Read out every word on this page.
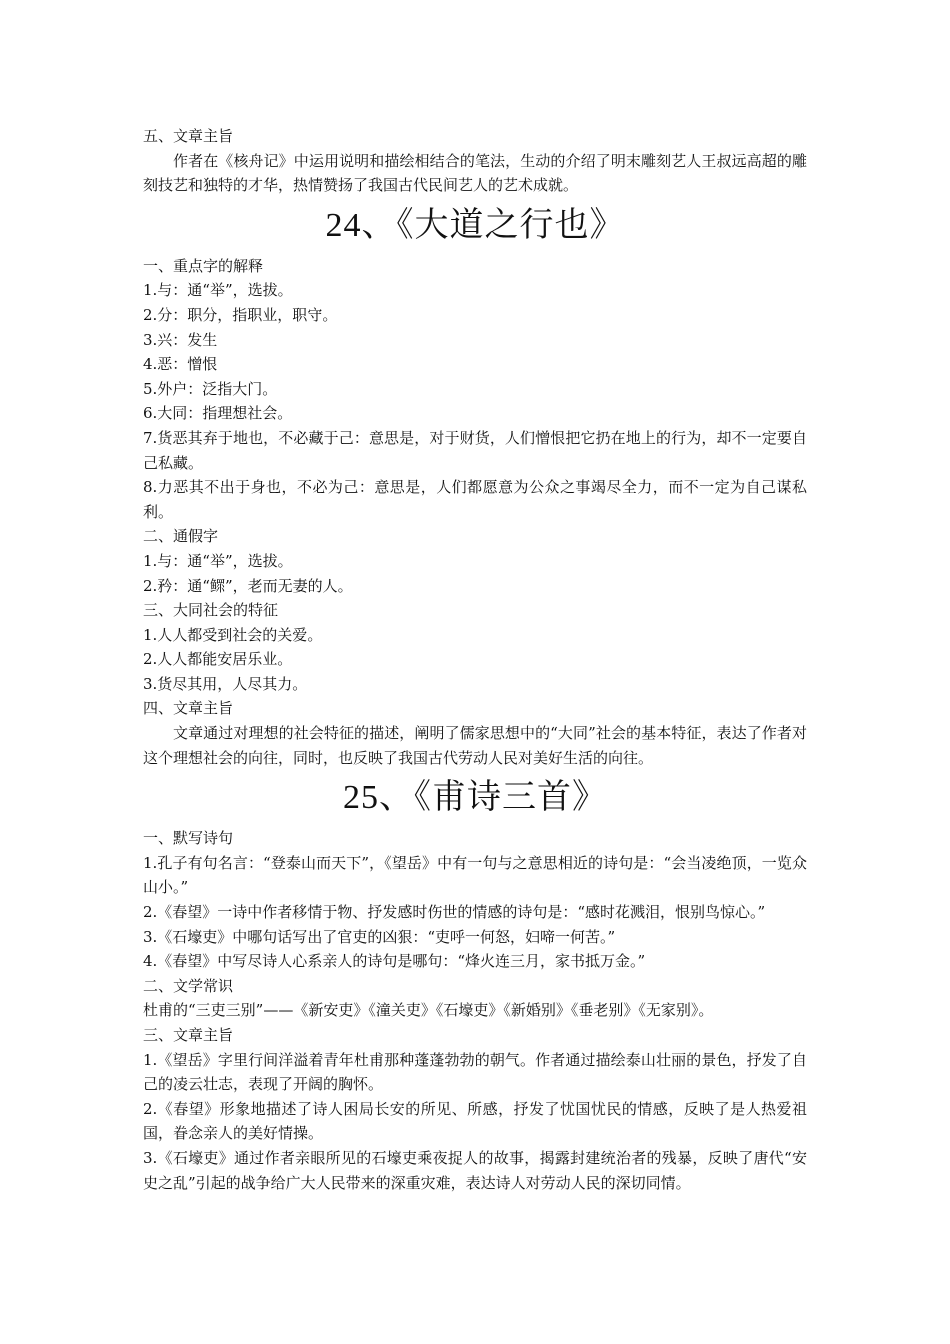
五、文章主旨
作者在《核舟记》中运用说明和描绘相结合的笔法，生动的介绍了明末雕刻艺人王叔远高超的雕刻技艺和独特的才华，热情赞扬了我国古代民间艺人的艺术成就。
24、《大道之行也》
一、重点字的解释
1.与：通“举”，选拔。
2.分：职分，指职业，职守。
3.兴：发生
4.恶：憎恨
5.外户：泛指大门。
6.大同：指理想社会。
7.货恶其弃于地也，不必藏于己：意思是，对于财货，人们憎恨把它扔在地上的行为，却不一定要自己私藏。
8.力恶其不出于身也，不必为己：意思是，人们都愿意为公众之事竭尽全力，而不一定为自己谋私利。
二、通假字
1.与：通“举”，选拔。
2.矜：通“鳏”，老而无妻的人。
三、大同社会的特征
1.人人都受到社会的关爱。
2.人人都能安居乐业。
3.货尽其用，人尽其力。
四、文章主旨
文章通过对理想的社会特征的描述，阐明了儒家思想中的“大同”社会的基本特征，表达了作者对这个理想社会的向往，同时，也反映了我国古代劳动人民对美好生活的向往。
25、《甫诗三首》
一、默写诗句
1.孔子有句名言：“登泰山而天下”，《望岳》中有一句与之意思相近的诗句是：“会当凌绝顶，一览众山小。”
2.《春望》一诗中作者移情于物、抒发感时伤世的情感的诗句是：“感时花溅泪，恨别鸟惊心。”
3.《石壕吏》中哪句话写出了官吏的凶狠：“吏呼一何怒，妇啼一何苦。”
4.《春望》中写尽诗人心系亲人的诗句是哪句：“烽火连三月，家书抵万金。”
二、文学常识
杜甫的“三吏三别”——《新安吏》《潼关吏》《石壕吏》《新婚别》《垂老别》《无家别》。
三、文章主旨
1.《望岳》字里行间洋溢着青年杜甫那种蓬蓬勃勃的朝气。作者通过描绘泰山壮丽的景色，抒发了自己的凌云壮志，表现了开阔的胸怀。
2.《春望》形象地描述了诗人困局长安的所见、所感，抒发了忧国忧民的情感，反映了是人热爱祖国，眷念亲人的美好情操。
3.《石壕吏》通过作者亲眼所见的石壕吏乘夜捉人的故事，揭露封建统治者的残暴，反映了唐代“安史之乱”引起的战争给广大人民带来的深重灾难，表达诗人对劳动人民的深切同情。
